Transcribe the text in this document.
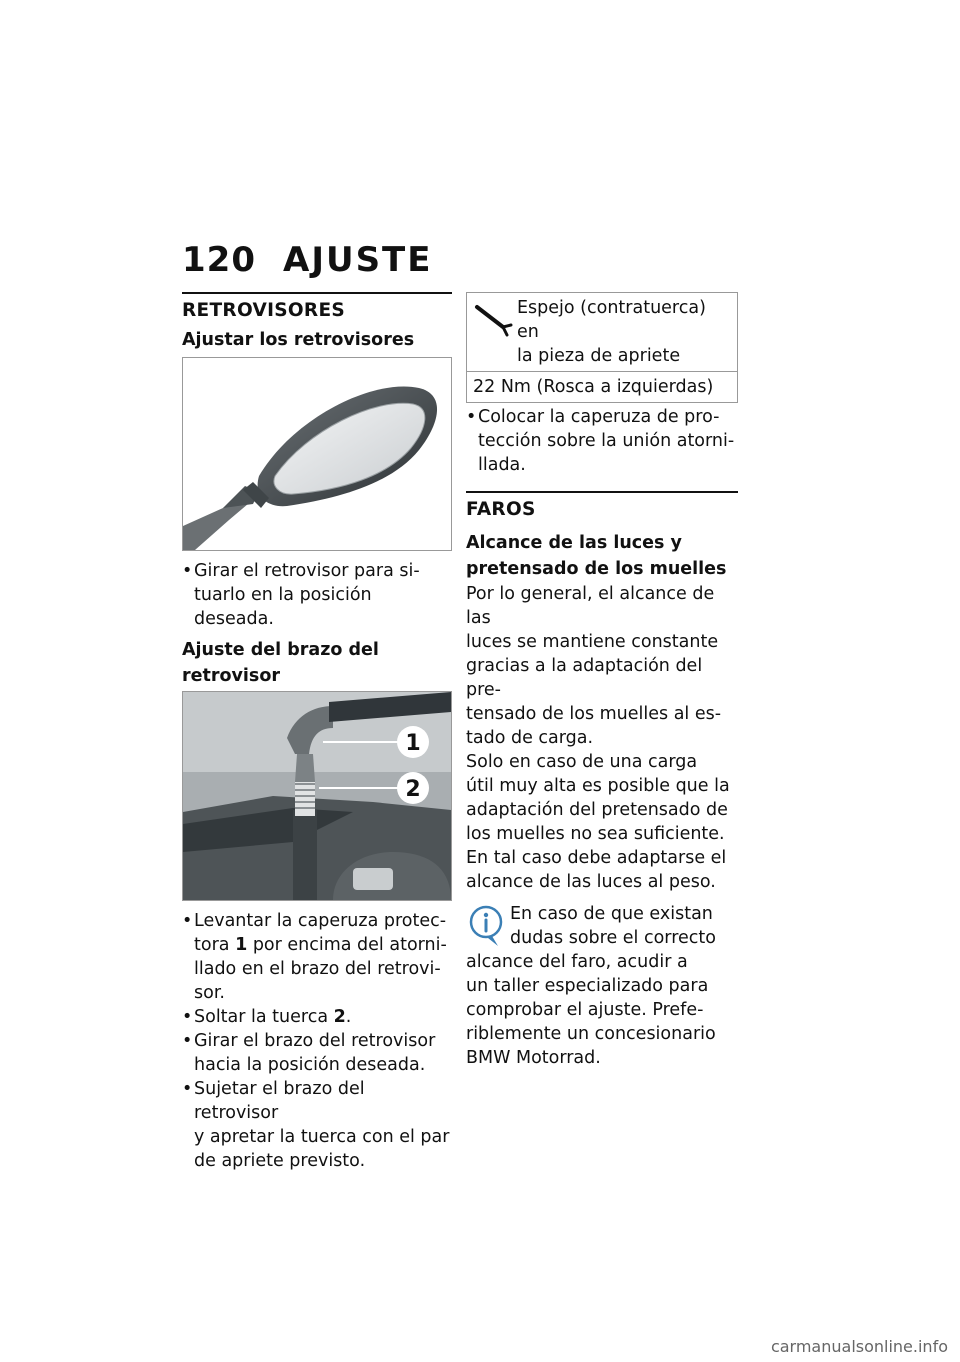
120 AJUSTE
RETROVISORES
Ajustar los retrovisores
• Girar el retrovisor para si-
tuarlo en la posición deseada.
Ajuste del brazo del retrovisor
1
2
• Levantar la caperuza protec-
tora 1 por encima del atorni-
llado en el brazo del retrovi-
sor.
• Soltar la tuerca 2.
• Girar el brazo del retrovisor
hacia la posición deseada.
• Sujetar el brazo del retrovisor
y apretar la tuerca con el par
de apriete previsto.
Espejo (contratuerca) en
la pieza de apriete
22 Nm (Rosca a izquierdas)
• Colocar la caperuza de pro-
tección sobre la unión atorni-
llada.
FAROS
Alcance de las luces y
pretensado de los muelles
Por lo general, el alcance de las
luces se mantiene constante
gracias a la adaptación del pre-
tensado de los muelles al es-
tado de carga.
Solo en caso de una carga
útil muy alta es posible que la
adaptación del pretensado de
los muelles no sea suficiente.
En tal caso debe adaptarse el
alcance de las luces al peso.
En caso de que existan
dudas sobre el correcto
alcance del faro, acudir a
un taller especializado para
comprobar el ajuste. Prefe-
riblemente un concesionario
BMW Motorrad.
carmanualsonline.info
